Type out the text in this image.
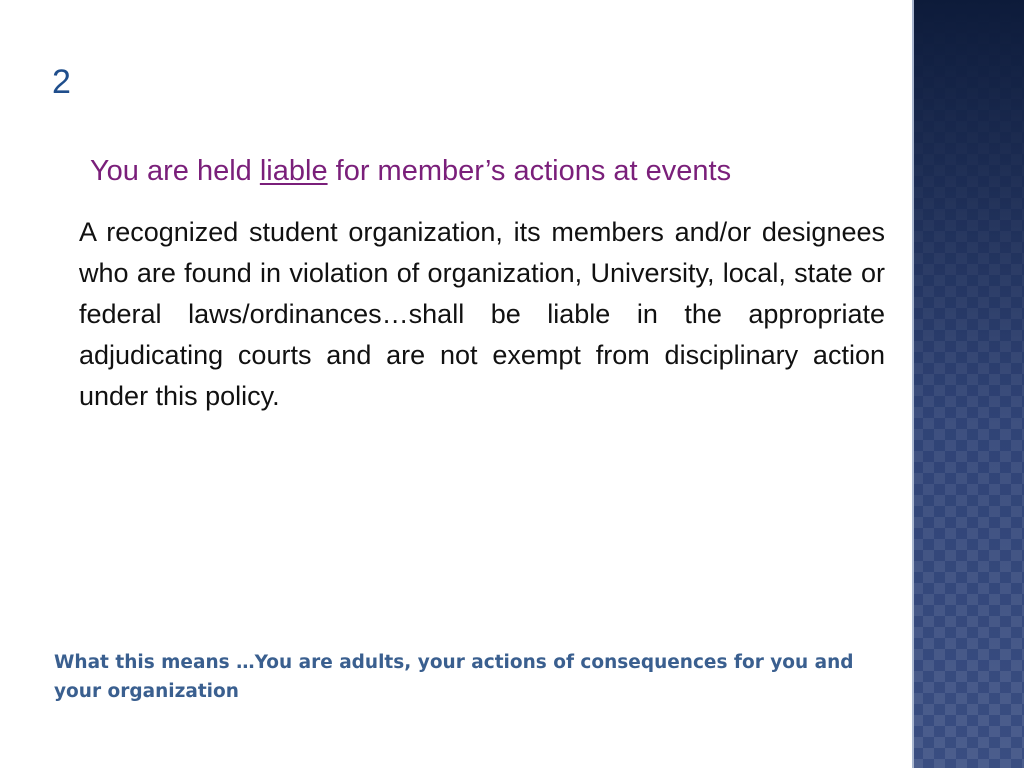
2
You are held liable for member’s actions at events
A recognized student organization, its members and/or designees who are found in violation of organization, University, local, state or federal laws/ordinances…shall be liable in the appropriate adjudicating courts and are not exempt from disciplinary action under this policy.
What this means …You are adults, your actions of consequences for you and your organization
